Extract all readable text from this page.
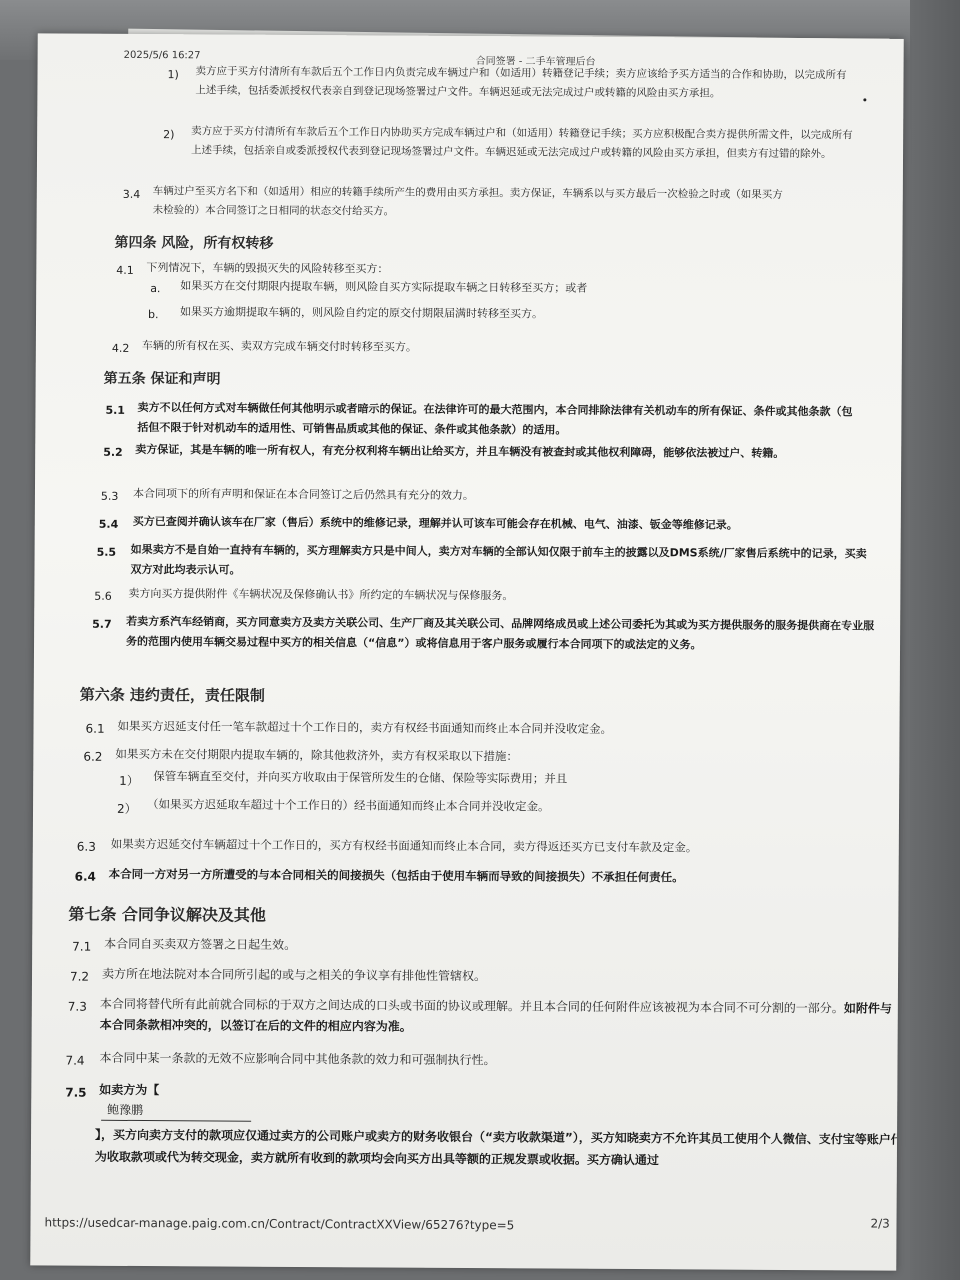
2025/5/6 16:27
合同签署 - 二手车管理后台
1) 卖方应于买方付清所有车款后五个工作日内负责完成车辆过户和（如适用）转籍登记手续；卖方应该给予买方适当的合作和协助，以完成所有上述手续，包括委派授权代表亲自到登记现场签署过户文件。车辆迟延或无法完成过户或转籍的风险由买方承担。
2) 卖方应于买方付清所有车款后五个工作日内协助买方完成车辆过户和（如适用）转籍登记手续；买方应积极配合卖方提供所需文件，以完成所有上述手续，包括亲自或委派授权代表到登记现场签署过户文件。车辆迟延或无法完成过户或转籍的风险由买方承担，但卖方有过错的除外。
3.4 车辆过户至买方名下和（如适用）相应的转籍手续所产生的费用由买方承担。卖方保证，车辆系以与买方最后一次检验之时或（如果买方未检验的）本合同签订之日相同的状态交付给买方。
第四条 风险，所有权转移
4.1 下列情况下，车辆的毁损灭失的风险转移至买方：
a. 如果买方在交付期限内提取车辆，则风险自买方实际提取车辆之日转移至买方；或者
b. 如果买方逾期提取车辆的，则风险自约定的原交付期限届满时转移至买方。
4.2 车辆的所有权在买、卖双方完成车辆交付时转移至买方。
第五条 保证和声明
5.1 卖方不以任何方式对车辆做任何其他明示或者暗示的保证。在法律许可的最大范围内，本合同排除法律有关机动车的所有保证、条件或其他条款（包括但不限于针对机动车的适用性、可销售品质或其他的保证、条件或其他条款）的适用。
5.2 卖方保证，其是车辆的唯一所有权人，有充分权利将车辆出让给买方，并且车辆没有被查封或其他权利障碍，能够依法被过户、转籍。
5.3 本合同项下的所有声明和保证在本合同签订之后仍然具有充分的效力。
5.4 买方已查阅并确认该车在厂家（售后）系统中的维修记录，理解并认可该车可能会存在机械、电气、油漆、钣金等维修记录。
5.5 如果卖方不是自始一直持有车辆的，买方理解卖方只是中间人，卖方对车辆的全部认知仅限于前车主的披露以及DMS系统/厂家售后系统中的记录，买卖双方对此均表示认可。
5.6 卖方向买方提供附件《车辆状况及保修确认书》所约定的车辆状况与保修服务。
5.7 若卖方系汽车经销商，买方同意卖方及卖方关联公司、生产厂商及其关联公司、品牌网络成员或上述公司委托为其或为买方提供服务的服务提供商在专业服务的范围内使用车辆交易过程中买方的相关信息（“信息”）或将信息用于客户服务或履行本合同项下的或法定的义务。
第六条 违约责任，责任限制
6.1 如果买方迟延支付任一笔车款超过十个工作日的，卖方有权经书面通知而终止本合同并没收定金。
6.2 如果买方未在交付期限内提取车辆的，除其他救济外，卖方有权采取以下措施：
1） 保管车辆直至交付，并向买方收取由于保管所发生的仓储、保险等实际费用；并且
2） （如果买方迟延取车超过十个工作日的）经书面通知而终止本合同并没收定金。
6.3 如果卖方迟延交付车辆超过十个工作日的，买方有权经书面通知而终止本合同，卖方得返还买方已支付车款及定金。
6.4 本合同一方对另一方所遭受的与本合同相关的间接损失（包括由于使用车辆而导致的间接损失）不承担任何责任。
第七条 合同争议解决及其他
7.1 本合同自买卖双方签署之日起生效。
7.2 卖方所在地法院对本合同所引起的或与之相关的争议享有排他性管辖权。
7.3 本合同将替代所有此前就合同标的于双方之间达成的口头或书面的协议或理解。并且本合同的任何附件应该被视为本合同不可分割的一部分。如附件与本合同条款相冲突的，以签订在后的文件的相应内容为准。
7.4 本合同中某一条款的无效不应影响合同中其他条款的效力和可强制执行性。
7.5 如卖方为【
鲍豫鹏
】，买方向卖方支付的款项应仅通过卖方的公司账户或卖方的财务收银台（“卖方收款渠道”），买方知晓卖方不允许其员工使用个人微信、支付宝等账户代为收取款项或代为转交现金，卖方就所有收到的款项均会向买方出具等额的正规发票或收据。买方确认通过
https://usedcar-manage.paig.com.cn/Contract/ContractXXView/65276?type=5	2/3
